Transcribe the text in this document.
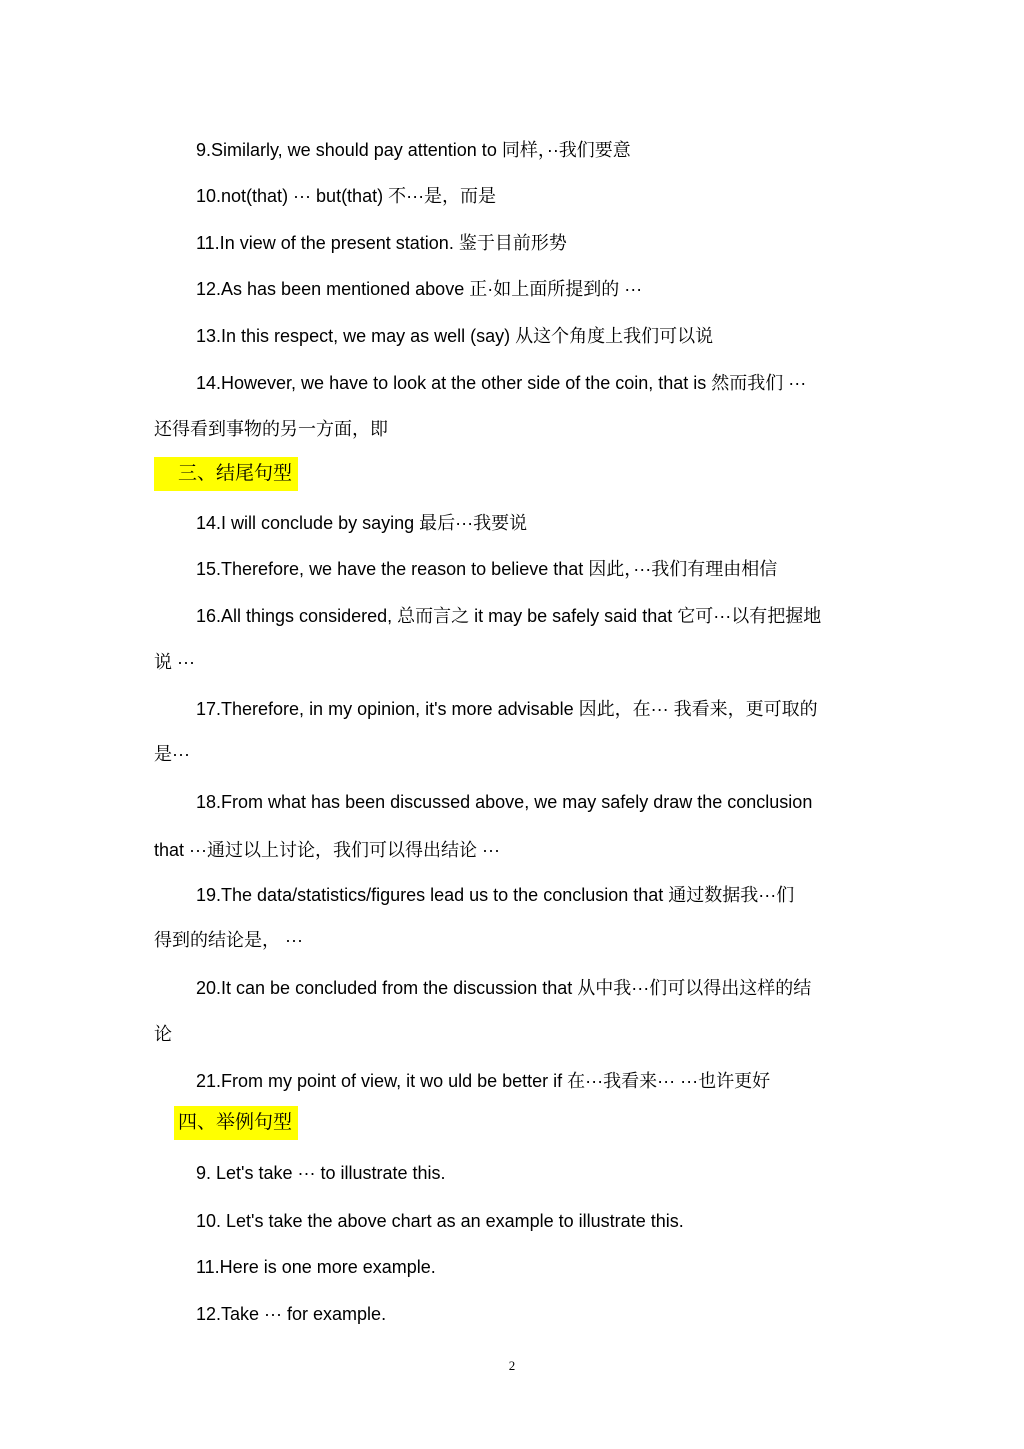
9.Similarly, we should pay attention to 同样，··我们要意

10.not(that) ··· but(that) 不···是，而是

11.In view of the present station. 鉴于目前形势

12.As has been mentioned above 正·如上面所提到的 ···

13.In this respect, we may as well (say) 从这个角度上我们可以说

14.However, we have to look at the other side of the coin, that is 然而我们 ···

还得看到事物的另一方面，即

三、结尾句型

14.I will conclude by saying 最后···我要说

15.Therefore, we have the reason to believe that 因此，···我们有理由相信

16.All things considered, 总而言之 it may be safely said that 它可···以有把握地

说 ···

17.Therefore, in my opinion, it's more advisable 因此，在··· 我看来，更可取的

是···

18.From what has been discussed above, we may safely draw the conclusion

that ···通过以上讨论，我们可以得出结论 ···

19.The data/statistics/figures lead us to the conclusion that 通过数据我···们

得到的结论是， ···

20.It can be concluded from the discussion that 从中我···们可以得出这样的结

论

21.From my point of view, it wo uld be better if 在···我看来··· ···也许更好

四、举例句型

9. Let's take ··· to illustrate this.

10. Let's take the above chart as an example to illustrate this.

11.Here is one more example.

12.Take ··· for example.

2
